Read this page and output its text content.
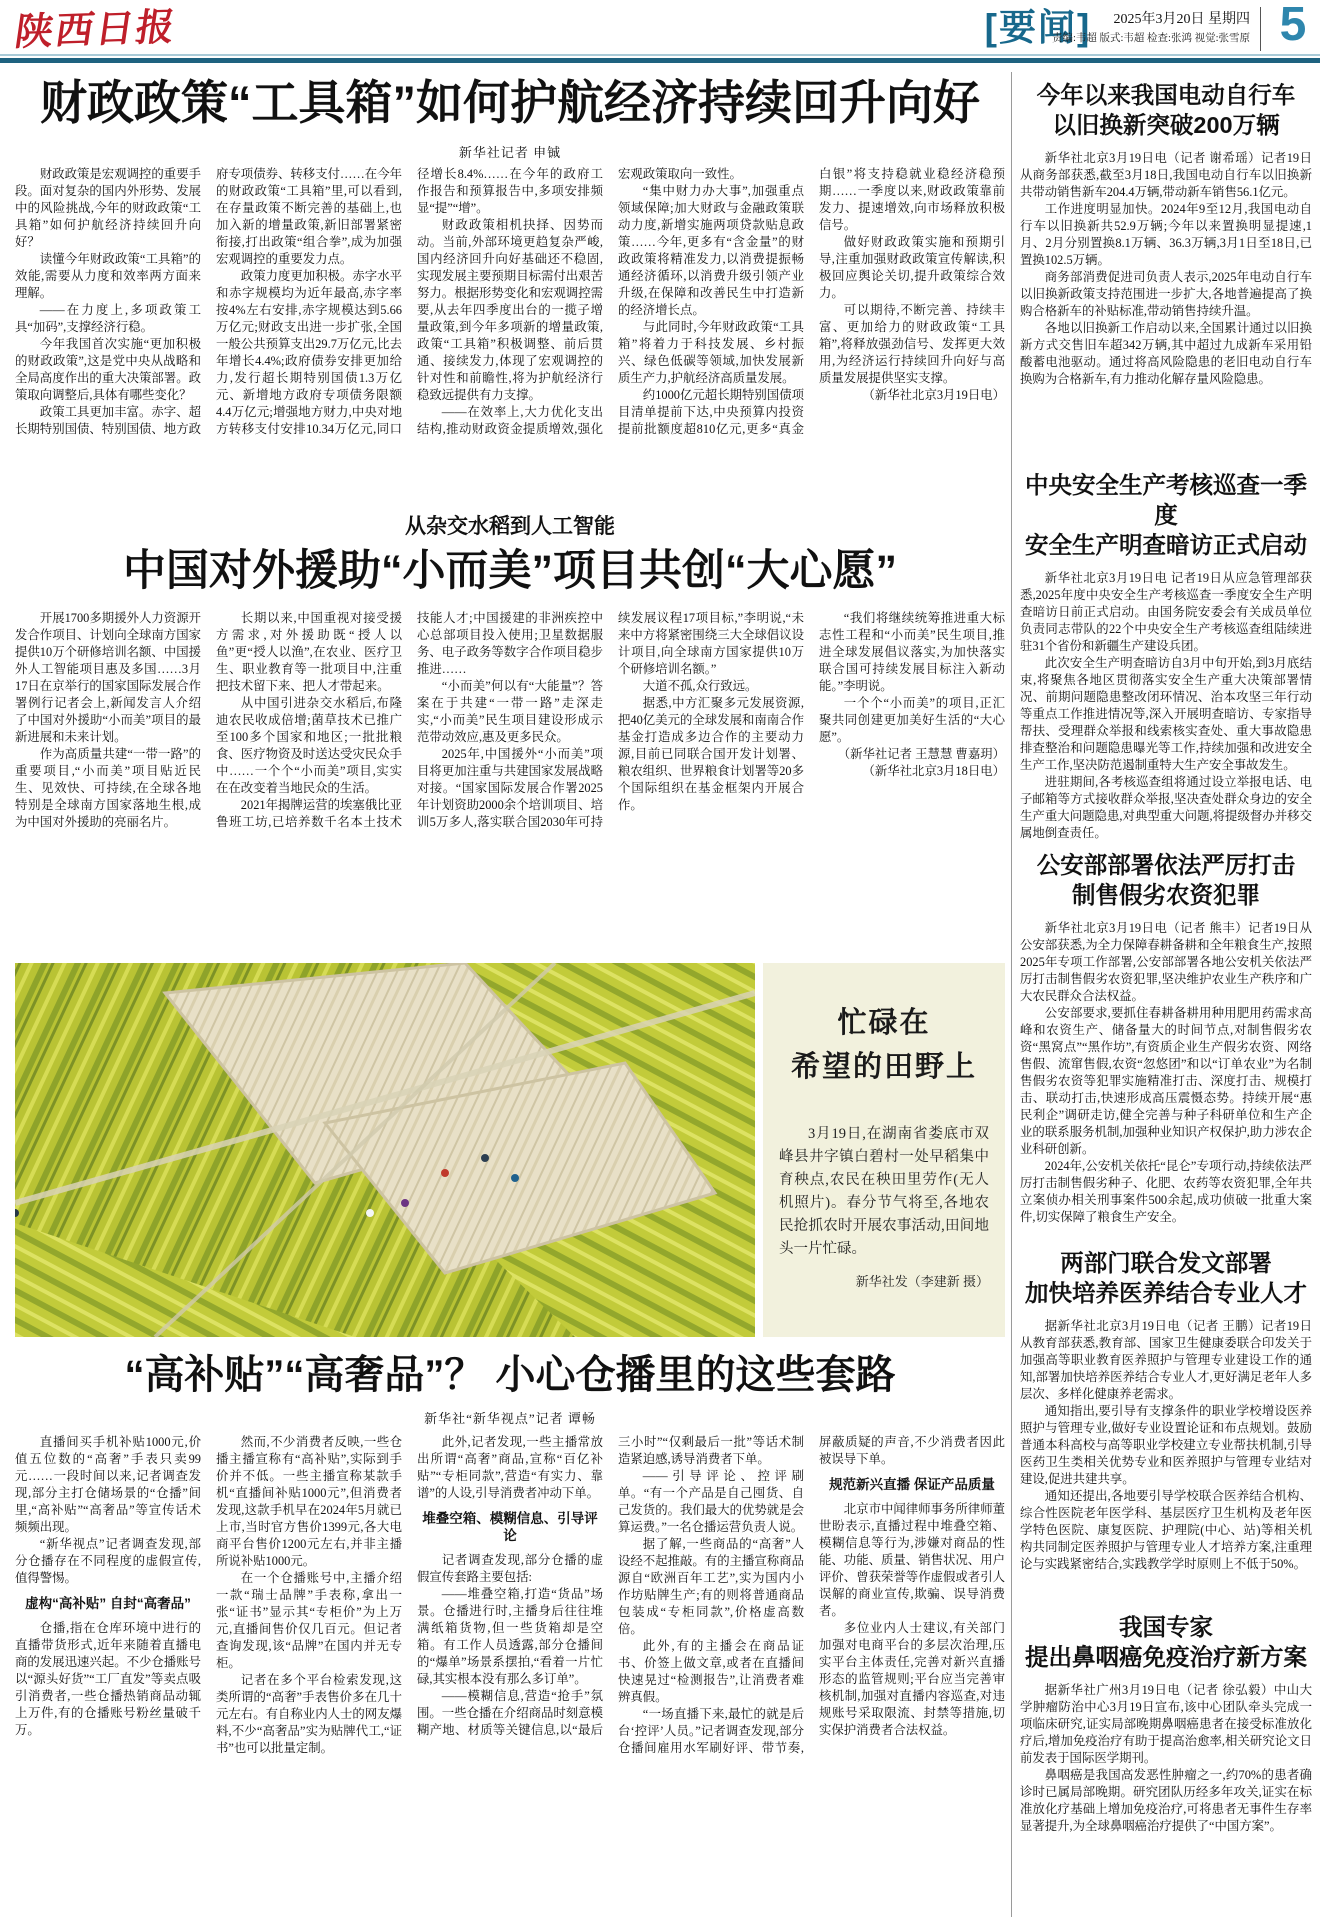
陕西日报	[要闻]	2025年3月20日 星期四
责编:韦超 版式:韦超 检查:张鸿 视觉:张雪原 5
财政政策“工具箱”如何护航经济持续回升向好
新华社记者 申铖

财政政策是宏观调控的重要手段。面对复杂的国内外形势、发展中的风险挑战,今年的财政政策“工具箱”如何护航经济持续回升向好？

读懂今年财政政策“工具箱”的效能,需要从力度和效率两方面来理解。

——在力度上,多项政策工具“加码”,支撑经济行稳。

今年我国首次实施“更加积极的财政政策”,这是党中央从战略和全局高度作出的重大决策部署。政策取向调整后,具体有哪些变化？

政策工具更加丰富。赤字、超长期特别国债、特别国债、地方政府专项债券、转移支付……在今年的财政政策“工具箱”里,可以看到,在存量政策不断完善的基础上,也加入新的增量政策,新旧部署紧密衔接,打出政策“组合拳”,成为加强宏观调控的重要发力点。

政策力度更加积极。赤字水平和赤字规模均为近年最高,赤字率按4%左右安排,赤字规模达到5.66万亿元;财政支出进一步扩张,全国一般公共预算支出29.7万亿元,比去年增长4.4%;政府债券安排更加给力,发行超长期特别国债1.3万亿元、新增地方政府专项债务限额4.4万亿元;增强地方财力,中央对地方转移支付安排10.34万亿元,同口径增长8.4%……在今年的政府工作报告和预算报告中,多项安排频显“提”“增”。

财政政策相机抉择、因势而动。当前,外部环境更趋复杂严峻,国内经济回升向好基础还不稳固,实现发展主要预期目标需付出艰苦努力。根据形势变化和宏观调控需要,从去年四季度出台的一揽子增量政策,到今年多项新的增量政策,政策“工具箱”积极调整、前后贯通、接续发力,体现了宏观调控的针对性和前瞻性,将为护航经济行稳致远提供有力支撑。

——在效率上,大力优化支出结构,推动财政资金提质增效,强化宏观政策取向一致性。

“集中财力办大事”,加强重点领域保障;加大财政与金融政策联动力度,新增实施两项贷款贴息政策……今年,更多有“含金量”的财政政策将精准发力,以消费提振畅通经济循环,以消费升级引领产业升级,在保障和改善民生中打造新的经济增长点。

与此同时,今年财政政策“工具箱”将着力于科技发展、乡村振兴、绿色低碳等领域,加快发展新质生产力,护航经济高质量发展。

约1000亿元超长期特别国债项目清单提前下达,中央预算内投资提前批额度超810亿元,更多“真金白银”将支持稳就业稳经济稳预期……一季度以来,财政政策靠前发力、提速增效,向市场释放积极信号。

做好财政政策实施和预期引导,注重加强财政政策宣传解读,积极回应舆论关切,提升政策综合效力。

可以期待,不断完善、持续丰富、更加给力的财政政策“工具箱”,将释放强劲信号、发挥更大效用,为经济运行持续回升向好与高质量发展提供坚实支撑。

（新华社北京3月19日电）

从杂交水稻到人工智能
中国对外援助“小而美”项目共创“大心愿”

开展1700多期援外人力资源开发合作项目、计划向全球南方国家提供10万个研修培训名额、中国援外人工智能项目惠及多国……3月17日在京举行的国家国际发展合作署例行记者会上,新闻发言人介绍了中国对外援助“小而美”项目的最新进展和未来计划。

作为高质量共建“一带一路”的重要项目,“小而美”项目贴近民生、见效快、可持续,在全球各地特别是全球南方国家落地生根,成为中国对外援助的亮丽名片。

长期以来,中国重视对接受援方需求,对外援助既“授人以鱼”更“授人以渔”,在农业、医疗卫生、职业教育等一批项目中,注重把技术留下来、把人才带起来。

从中国引进杂交水稻后,布隆迪农民收成倍增;菌草技术已推广至100多个国家和地区;一批批粮食、医疗物资及时送达受灾民众手中……一个个“小而美”项目,实实在在改变着当地民众的生活。

2021年揭牌运营的埃塞俄比亚鲁班工坊,已培养数千名本土技术技能人才;中国援建的非洲疾控中心总部项目投入使用;卫星数据服务、电子政务等数字合作项目稳步推进……

“小而美”何以有“大能量”？答案在于共建“一带一路”走深走实,“小而美”民生项目建设形成示范带动效应,惠及更多民众。

2025年,中国援外“小而美”项目将更加注重与共建国家发展战略对接。“国家国际发展合作署2025年计划资助2000余个培训项目、培训5万多人,落实联合国2030年可持续发展议程17项目标,”李明说,“未来中方将紧密围绕三大全球倡议设计项目,向全球南方国家提供10万个研修培训名额。”

大道不孤,众行致远。

据悉,中方汇聚多元发展资源,把40亿美元的全球发展和南南合作基金打造成多边合作的主要动力源,目前已同联合国开发计划署、粮农组织、世界粮食计划署等20多个国际组织在基金框架内开展合作。

“我们将继续统筹推进重大标志性工程和“小而美”民生项目,推进全球发展倡议落实,为加快落实联合国可持续发展目标注入新动能。”李明说。

一个个“小而美”的项目,正汇聚共同创建更加美好生活的“大心愿”。

（新华社记者 王慧慧 曹嘉玥）

（新华社北京3月18日电）

忙碌在
希望的田野上
3月19日,在湖南省娄底市双峰县井字镇白碧村一处早稻集中育秧点,农民在秧田里劳作(无人机照片)。春分节气将至,各地农民抢抓农时开展农事活动,田间地头一片忙碌。
新华社发（李建新 摄）
“高补贴”“高奢品”？ 小心仓播里的这些套路
新华社“新华视点”记者 谭畅

直播间买手机补贴1000元,价值五位数的“高奢”手表只卖99元……一段时间以来,记者调查发现,部分主打仓储场景的“仓播”间里,“高补贴”“高奢品”等宣传话术频频出现。

“新华视点”记者调查发现,部分仓播存在不同程度的虚假宣传,值得警惕。

虚构“高补贴” 自封“高奢品”

仓播,指在仓库环境中进行的直播带货形式,近年来随着直播电商的发展迅速兴起。不少仓播账号以“源头好货”“工厂直发”等卖点吸引消费者,一些仓播热销商品动辄上万件,有的仓播账号粉丝量破千万。

然而,不少消费者反映,一些仓播主播宣称有“高补贴”,实际到手价并不低。一些主播宣称某款手机“直播间补贴1000元”,但消费者发现,这款手机早在2024年5月就已上市,当时官方售价1399元,各大电商平台售价1200元左右,并非主播所说补贴1000元。

在一个仓播账号中,主播介绍一款“瑞士品牌”手表称,拿出一张“证书”显示其“专柜价”为上万元,直播间售价仅几百元。但记者查询发现,该“品牌”在国内并无专柜。

记者在多个平台检索发现,这类所谓的“高奢”手表售价多在几十元左右。有自称业内人士的网友爆料,不少“高奢品”实为贴牌代工,“证书”也可以批量定制。

此外,记者发现,一些主播常放出所谓“高奢”商品,宣称“百亿补贴”“专柜同款”,营造“有实力、靠谱”的人设,引导消费者冲动下单。

堆叠空箱、模糊信息、引导评论

记者调查发现,部分仓播的虚假宣传套路主要包括:

——堆叠空箱,打造“货品”场景。仓播进行时,主播身后往往堆满纸箱货物,但一些货箱却是空箱。有工作人员透露,部分仓播间的“爆单”场景系摆拍,“看着一片忙碌,其实根本没有那么多订单”。

——模糊信息,营造“抢手”氛围。一些仓播在介绍商品时刻意模糊产地、材质等关键信息,以“最后三小时”“仅剩最后一批”等话术制造紧迫感,诱导消费者下单。

——引导评论、控评刷单。“有一个产品是自己囤货、自己发货的。我们最大的优势就是会算运费。”一名仓播运营负责人说。

据了解,一些商品的“高奢”人设经不起推敲。有的主播宣称商品源自“欧洲百年工艺”,实为国内小作坊贴牌生产;有的则将普通商品包装成“专柜同款”,价格虚高数倍。

此外,有的主播会在商品证书、价签上做文章,或者在直播间快速晃过“检测报告”,让消费者难辨真假。

“一场直播下来,最忙的就是后台‘控评’人员。”记者调查发现,部分仓播间雇用水军刷好评、带节奏,屏蔽质疑的声音,不少消费者因此被误导下单。

规范新兴直播 保证产品质量

北京市中闻律师事务所律师董世盼表示,直播过程中堆叠空箱、模糊信息等行为,涉嫌对商品的性能、功能、质量、销售状况、用户评价、曾获荣誉等作虚假或者引人误解的商业宣传,欺骗、误导消费者。

多位业内人士建议,有关部门加强对电商平台的多层次治理,压实平台主体责任,完善对新兴直播形态的监管规则;平台应当完善审核机制,加强对直播内容巡查,对违规账号采取限流、封禁等措施,切实保护消费者合法权益。

今年以来我国电动自行车
以旧换新突破200万辆

新华社北京3月19日电（记者 谢希瑶）记者19日从商务部获悉,截至3月18日,我国电动自行车以旧换新共带动销售新车204.4万辆,带动新车销售56.1亿元。

工作进度明显加快。2024年9至12月,我国电动自行车以旧换新共52.9万辆;今年以来置换明显提速,1月、2月分别置换8.1万辆、36.3万辆,3月1日至18日,已置换102.5万辆。

商务部消费促进司负责人表示,2025年电动自行车以旧换新政策支持范围进一步扩大,各地普遍提高了换购合格新车的补贴标准,带动销售持续升温。

各地以旧换新工作启动以来,全国累计通过以旧换新方式交售旧车超342万辆,其中超过九成新车采用铅酸蓄电池驱动。通过将高风险隐患的老旧电动自行车换购为合格新车,有力推动化解存量风险隐患。

中央安全生产考核巡查一季度
安全生产明查暗访正式启动

新华社北京3月19日电 记者19日从应急管理部获悉,2025年度中央安全生产考核巡查一季度安全生产明查暗访日前正式启动。由国务院安委会有关成员单位负责同志带队的22个中央安全生产考核巡查组陆续进驻31个省份和新疆生产建设兵团。

此次安全生产明查暗访自3月中旬开始,到3月底结束,将聚焦各地区贯彻落实安全生产重大决策部署情况、前期问题隐患整改闭环情况、治本攻坚三年行动等重点工作推进情况等,深入开展明查暗访、专家指导帮扶、受理群众举报和线索核实查处、重大事故隐患排查整治和问题隐患曝光等工作,持续加强和改进安全生产工作,坚决防范遏制重特大生产安全事故发生。

进驻期间,各考核巡查组将通过设立举报电话、电子邮箱等方式接收群众举报,坚决查处群众身边的安全生产重大问题隐患,对典型重大问题,将提级督办并移交属地倒查责任。

公安部部署依法严厉打击
制售假劣农资犯罪

新华社北京3月19日电（记者 熊丰）记者19日从公安部获悉,为全力保障春耕备耕和全年粮食生产,按照2025年专项工作部署,公安部部署各地公安机关依法严厉打击制售假劣农资犯罪,坚决维护农业生产秩序和广大农民群众合法权益。

公安部要求,要抓住春耕备耕用种用肥用药需求高峰和农资生产、储备量大的时间节点,对制售假劣农资“黑窝点”“黑作坊”,有资质企业生产假劣农资、网络售假、流窜售假,农资“忽悠团”和以“订单农业”为名制售假劣农资等犯罪实施精准打击、深度打击、规模打击、联动打击,快速形成高压震慑态势。持续开展“惠民利企”调研走访,健全完善与种子科研单位和生产企业的联系服务机制,加强种业知识产权保护,助力涉农企业科研创新。

2024年,公安机关依托“昆仑”专项行动,持续依法严厉打击制售假劣种子、化肥、农药等农资犯罪,全年共立案侦办相关刑事案件500余起,成功侦破一批重大案件,切实保障了粮食生产安全。

两部门联合发文部署
加快培养医养结合专业人才

据新华社北京3月19日电（记者 王鹏）记者19日从教育部获悉,教育部、国家卫生健康委联合印发关于加强高等职业教育医养照护与管理专业建设工作的通知,部署加快培养医养结合专业人才,更好满足老年人多层次、多样化健康养老需求。

通知指出,要引导有支撑条件的职业学校增设医养照护与管理专业,做好专业设置论证和布点规划。鼓励普通本科高校与高等职业学校建立专业帮扶机制,引导医药卫生类相关优势专业和医养照护与管理专业结对建设,促进共建共享。

通知还提出,各地要引导学校联合医养结合机构、综合性医院老年医学科、基层医疗卫生机构及老年医学特色医院、康复医院、护理院(中心、站)等相关机构共同制定医养照护与管理专业人才培养方案,注重理论与实践紧密结合,实践教学学时原则上不低于50%。

我国专家
提出鼻咽癌免疫治疗新方案

据新华社广州3月19日电（记者 徐弘毅）中山大学肿瘤防治中心3月19日宣布,该中心团队牵头完成一项临床研究,证实局部晚期鼻咽癌患者在接受标准放化疗后,增加免疫治疗有助于提高治愈率,相关研究论文日前发表于国际医学期刊。

鼻咽癌是我国高发恶性肿瘤之一,约70%的患者确诊时已属局部晚期。研究团队历经多年攻关,证实在标准放化疗基础上增加免疫治疗,可将患者无事件生存率显著提升,为全球鼻咽癌治疗提供了“中国方案”。
